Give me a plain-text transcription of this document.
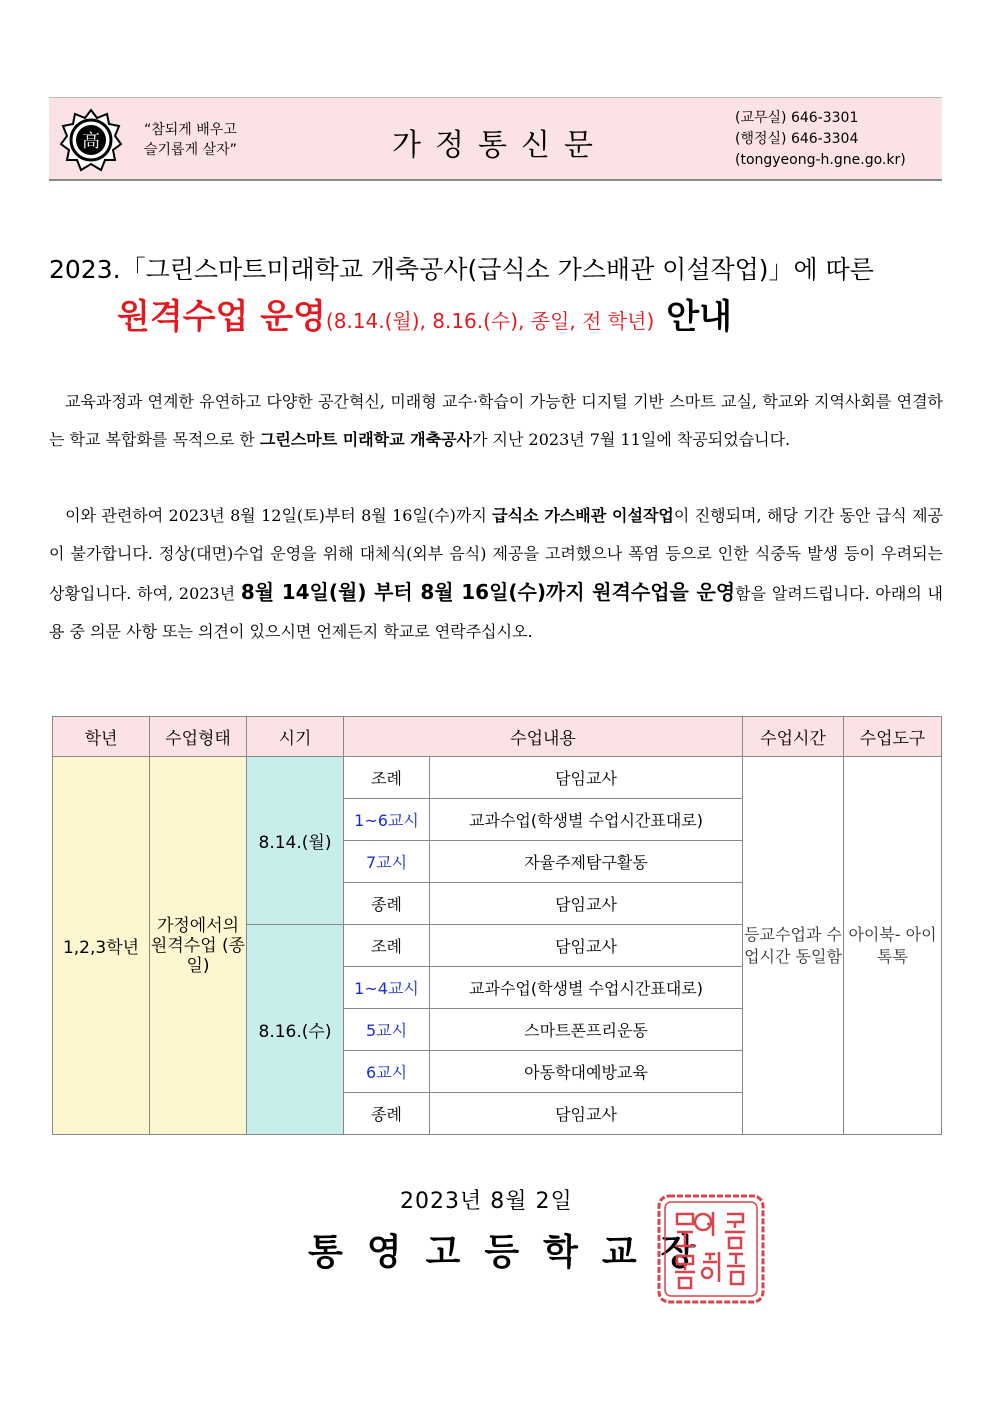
高
“참되게 배우고
슬기롭게 살자”	가정통신문
(교무실) 646-3301
(행정실) 646-3304
(tongyeong-h.gne.go.kr)
2023.「그린스마트미래학교 개축공사(급식소 가스배관 이설작업)」에 따른
원격수업 운영(8.14.(월), 8.16.(수), 종일, 전 학년) 안내
교육과정과 연계한 유연하고 다양한 공간혁신, 미래형 교수·학습이 가능한 디지털 기반 스마트 교실, 학교와 지역사회를 연결하는 학교 복합화를 목적으로 한 그린스마트 미래학교 개축공사가 지난 2023년 7월 11일에 착공되었습니다.
이와 관련하여 2023년 8월 12일(토)부터 8월 16일(수)까지 급식소 가스배관 이설작업이 진행되며, 해당 기간 동안 급식 제공이 불가합니다. 정상(대면)수업 운영을 위해 대체식(외부 음식) 제공을 고려했으나 폭염 등으로 인한 식중독 발생 등이 우려되는 상황입니다. 하여, 2023년 8월 14일(월) 부터 8월 16일(수)까지 원격수업을 운영함을 알려드립니다. 아래의 내용 중 의문 사항 또는 의견이 있으시면 언제든지 학교로 연락주십시오.
학년	수업형태	시기	수업내용		수업시간	수업도구
1,2,3학년	가정에서의 원격수업 (종일)	8.14.(월)	조례	담임교사	등교수업과 수업시간 동일함	아이북- 아이톡톡
			1~6교시	교과수업(학생별 수업시간표대로)		
			7교시	자율주제탐구활동		
			종례	담임교사		
		8.16.(수)	조례	담임교사		
			1~4교시	교과수업(학생별 수업시간표대로)		
			5교시	스마트폰프리운동		
			6교시	아동학대예방교육		
			종례	담임교사		
2023년 8월 2일
통영고등학교장
